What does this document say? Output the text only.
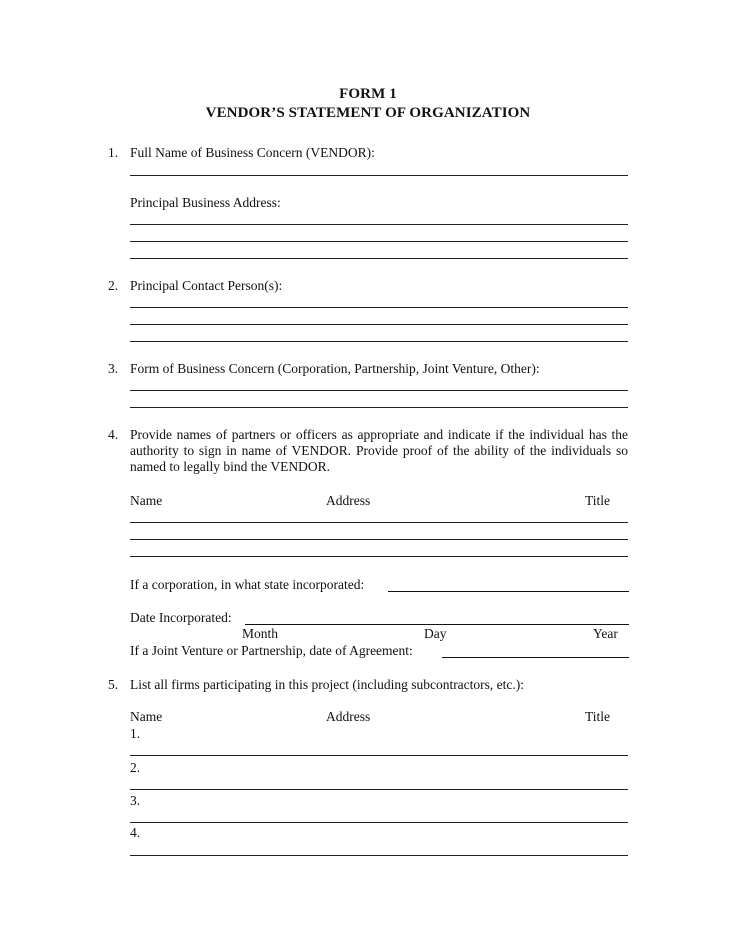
FORM 1
VENDOR’S STATEMENT OF ORGANIZATION
1. Full Name of Business Concern (VENDOR):
Principal Business Address:
2. Principal Contact Person(s):
3. Form of Business Concern (Corporation, Partnership, Joint Venture, Other):
4. Provide names of partners or officers as appropriate and indicate if the individual has the authority to sign in name of VENDOR. Provide proof of the ability of the individuals so named to legally bind the VENDOR.
Name	Address	Title
If a corporation, in what state incorporated:
Date Incorporated:
Month	Day	Year
If a Joint Venture or Partnership, date of Agreement:
5. List all firms participating in this project (including subcontractors, etc.):
Name	Address	Title
1.
2.
3.
4.
